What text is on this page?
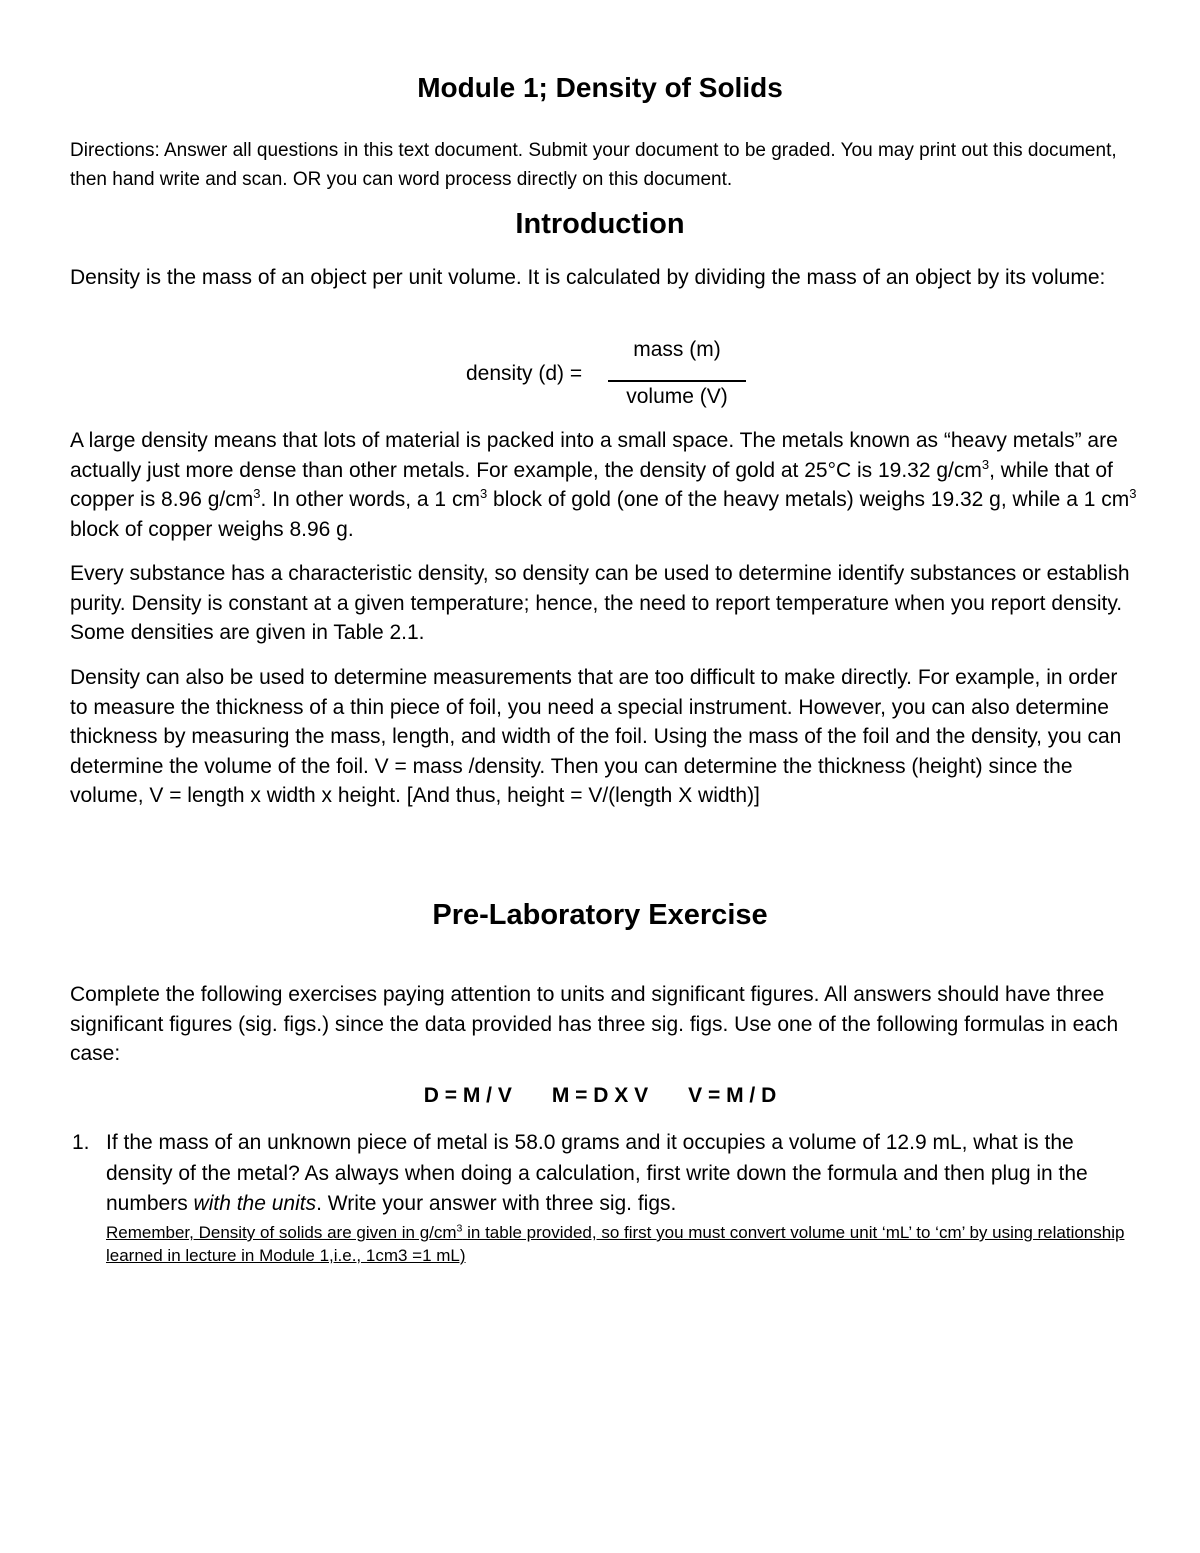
Module 1; Density of Solids
Directions: Answer all questions in this text document. Submit your document to be graded. You may print out this document, then hand write and scan. OR you can word process directly on this document.
Introduction
Density is the mass of an object per unit volume. It is calculated by dividing the mass of an object by its volume:
density (d) =
mass (m)
volume (V)
A large density means that lots of material is packed into a small space. The metals known as “heavy metals” are actually just more dense than other metals. For example, the density of gold at 25°C is 19.32 $g/cm^3$, while that of copper is 8.96 $g/cm^3$. In other words, a 1 $cm^3$ block of gold (one of the heavy metals) weighs 19.32 g, while a 1 $cm^3$ block of copper weighs 8.96 g.
Every substance has a characteristic density, so density can be used to determine identify substances or establish purity. Density is constant at a given temperature; hence, the need to report temperature when you report density. Some densities are given in Table 2.1.
Density can also be used to determine measurements that are too difficult to make directly. For example, in order to measure the thickness of a thin piece of foil, you need a special instrument. However, you can also determine thickness by measuring the mass, length, and width of the foil. Using the mass of the foil and the density, you can determine the volume of the foil. V = mass /density. Then you can determine the thickness (height) since the volume, V = length x width x height. [And thus, height = V/(length X width)]
Pre-Laboratory Exercise
Complete the following exercises paying attention to units and significant figures. All answers should have three significant figures (sig. figs.) since the data provided has three sig. figs. Use one of the following formulas in each case:
D = M / V M = D X V V = M / D
1. If the mass of an unknown piece of metal is 58.0 grams and it occupies a volume of 12.9 mL, what is the density of the metal? As always when doing a calculation, first write down the formula and then plug in the numbers with the units. Write your answer with three sig. figs.
Remember, Density of solids are given in $g/cm^3$ in table provided, so first you must convert volume unit ‘mL’ to ‘cm’ by using relationship learned in lecture in Module 1,i.e., 1cm3 =1 mL)
